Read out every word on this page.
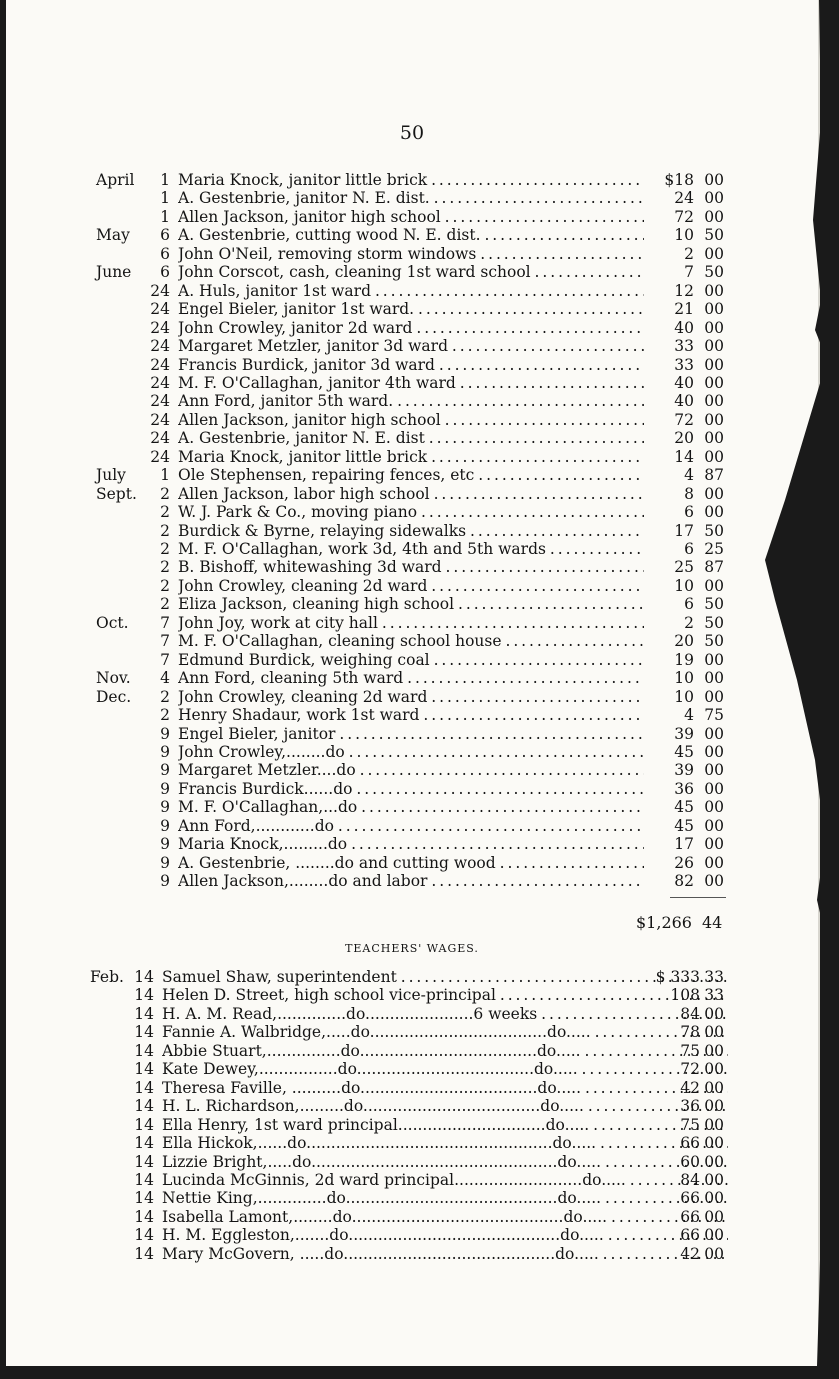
50
April	1 Maria Knock, janitor little brick . . .	$18 00
1 A. Gestenbrie, janitor N. E. dist. . . .	24 00
1 Allen Jackson, janitor high school . . .	72 00
May	6 A. Gestenbrie, cutting wood N. E. dist. . . .	10 50
6 John O'Neil, removing storm windows . . .	2 00
June	6 John Corscot, cash, cleaning 1st ward school . . .	7 50
24 A. Huls, janitor 1st ward . . .	12 00
24 Engel Bieler, janitor 1st ward. . . .	21 00
24 John Crowley, janitor 2d ward . . .	40 00
24 Margaret Metzler, janitor 3d ward . . .	33 00
24 Francis Burdick, janitor 3d ward . . .	33 00
24 M. F. O'Callaghan, janitor 4th ward . . .	40 00
24 Ann Ford, janitor 5th ward. . . .	40 00
24 Allen Jackson, janitor high school . . .	72 00
24 A. Gestenbrie, janitor N. E. dist . . .	20 00
24 Maria Knock, janitor little brick . . .	14 00
July	1 Ole Stephensen, repairing fences, etc . . .	4 87
Sept.	2 Allen Jackson, labor high school . . .	8 00
2 W. J. Park & Co., moving piano . . .	6 00
2 Burdick & Byrne, relaying sidewalks . . .	17 50
2 M. F. O'Callaghan, work 3d, 4th and 5th wards . . .	6 25
2 B. Bishoff, whitewashing 3d ward . . .	25 87
2 John Crowley, cleaning 2d ward . . .	10 00
2 Eliza Jackson, cleaning high school . . .	6 50
Oct.	7 John Joy, work at city hall . . .	2 50
7 M. F. O'Callaghan, cleaning school house . . .	20 50
7 Edmund Burdick, weighing coal . . .	19 00
Nov.	4 Ann Ford, cleaning 5th ward . . .	10 00
Dec.	2 John Crowley, cleaning 2d ward . . .	10 00
2 Henry Shadaur, work 1st ward . . .	4 75
9 Engel Bieler, janitor . . .	39 00
9 John Crowley,........do . . .	45 00
9 Margaret Metzler....do . . .	39 00
9 Francis Burdick......do . . .	36 00
9 M. F. O'Callaghan,...do . . .	45 00
9 Ann Ford,............do . . .	45 00
9 Maria Knock,.........do . . .	17 00
9 A. Gestenbrie, ........do and cutting wood . . .	26 00
9 Allen Jackson,........do and labor . . .	82 00
$1,266 44
TEACHERS' WAGES.
Feb. 14 Samuel Shaw, superintendent . . .	$ 333 33
14 Helen D. Street, high school vice-principal . . .	108 33
14 H. A. M. Read,..............do......................6 weeks . . .	84 00
14 Fannie A. Walbridge,.....do....................................do..... . . .	78 00
14 Abbie Stuart,...............do....................................do..... . . .	75 00
14 Kate Dewey,................do....................................do..... . . .	72 00
14 Theresa Faville, ..........do....................................do..... . . .	42 00
14 H. L. Richardson,.........do....................................do..... . . .	36 00
14 Ella Henry, 1st ward principal..............................do..... . . .	75 00
14 Ella Hickok,......do..................................................do..... . . .	66 00
14 Lizzie Bright,.....do..................................................do..... . . .	60 00
14 Lucinda McGinnis, 2d ward principal..........................do..... . . .	84 00
14 Nettie King,..............do...........................................do..... . . .	66 00
14 Isabella Lamont,........do...........................................do..... . . .	66 00
14 H. M. Eggleston,.......do...........................................do..... . . .	66 00
14 Mary McGovern, .....do...........................................do..... . . .	42 00
